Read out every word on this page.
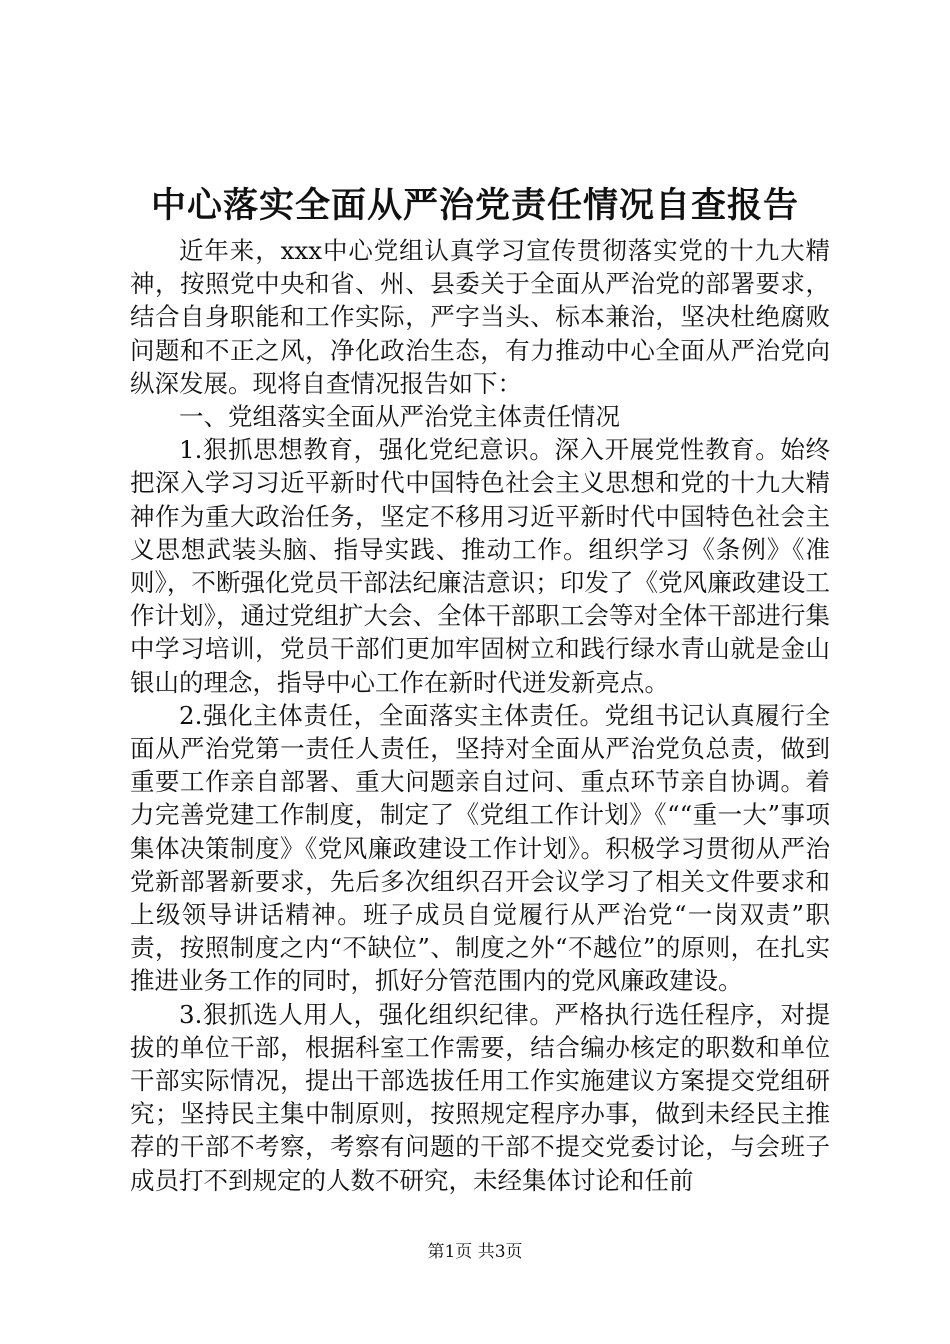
中心落实全面从严治党责任情况自查报告

近年来，xxx中心党组认真学习宣传贯彻落实党的十九大精神，按照党中央和省、州、县委关于全面从严治党的部署要求，结合自身职能和工作实际，严字当头、标本兼治，坚决杜绝腐败问题和不正之风，净化政治生态，有力推动中心全面从严治党向纵深发展。现将自查情况报告如下：

一、党组落实全面从严治党主体责任情况

1.狠抓思想教育，强化党纪意识。深入开展党性教育。始终把深入学习习近平新时代中国特色社会主义思想和党的十九大精神作为重大政治任务，坚定不移用习近平新时代中国特色社会主义思想武装头脑、指导实践、推动工作。组织学习《条例》《准则》，不断强化党员干部法纪廉洁意识；印发了《党风廉政建设工作计划》，通过党组扩大会、全体干部职工会等对全体干部进行集中学习培训，党员干部们更加牢固树立和践行绿水青山就是金山银山的理念，指导中心工作在新时代迸发新亮点。

2.强化主体责任，全面落实主体责任。党组书记认真履行全面从严治党第一责任人责任，坚持对全面从严治党负总责，做到重要工作亲自部署、重大问题亲自过问、重点环节亲自协调。着力完善党建工作制度，制定了《党组工作计划》《““重一大”事项集体决策制度》《党风廉政建设工作计划》。积极学习贯彻从严治党新部署新要求，先后多次组织召开会议学习了相关文件要求和上级领导讲话精神。班子成员自觉履行从严治党“一岗双责”职责，按照制度之内“不缺位”、制度之外“不越位”的原则，在扎实推进业务工作的同时，抓好分管范围内的党风廉政建设。

3.狠抓选人用人，强化组织纪律。严格执行选任程序，对提拔的单位干部，根据科室工作需要，结合编办核定的职数和单位干部实际情况，提出干部选拔任用工作实施建议方案提交党组研究；坚持民主集中制原则，按照规定程序办事，做到未经民主推荐的干部不考察，考察有问题的干部不提交党委讨论，与会班子成员打不到规定的人数不研究，未经集体讨论和任前

第1页 共3页
